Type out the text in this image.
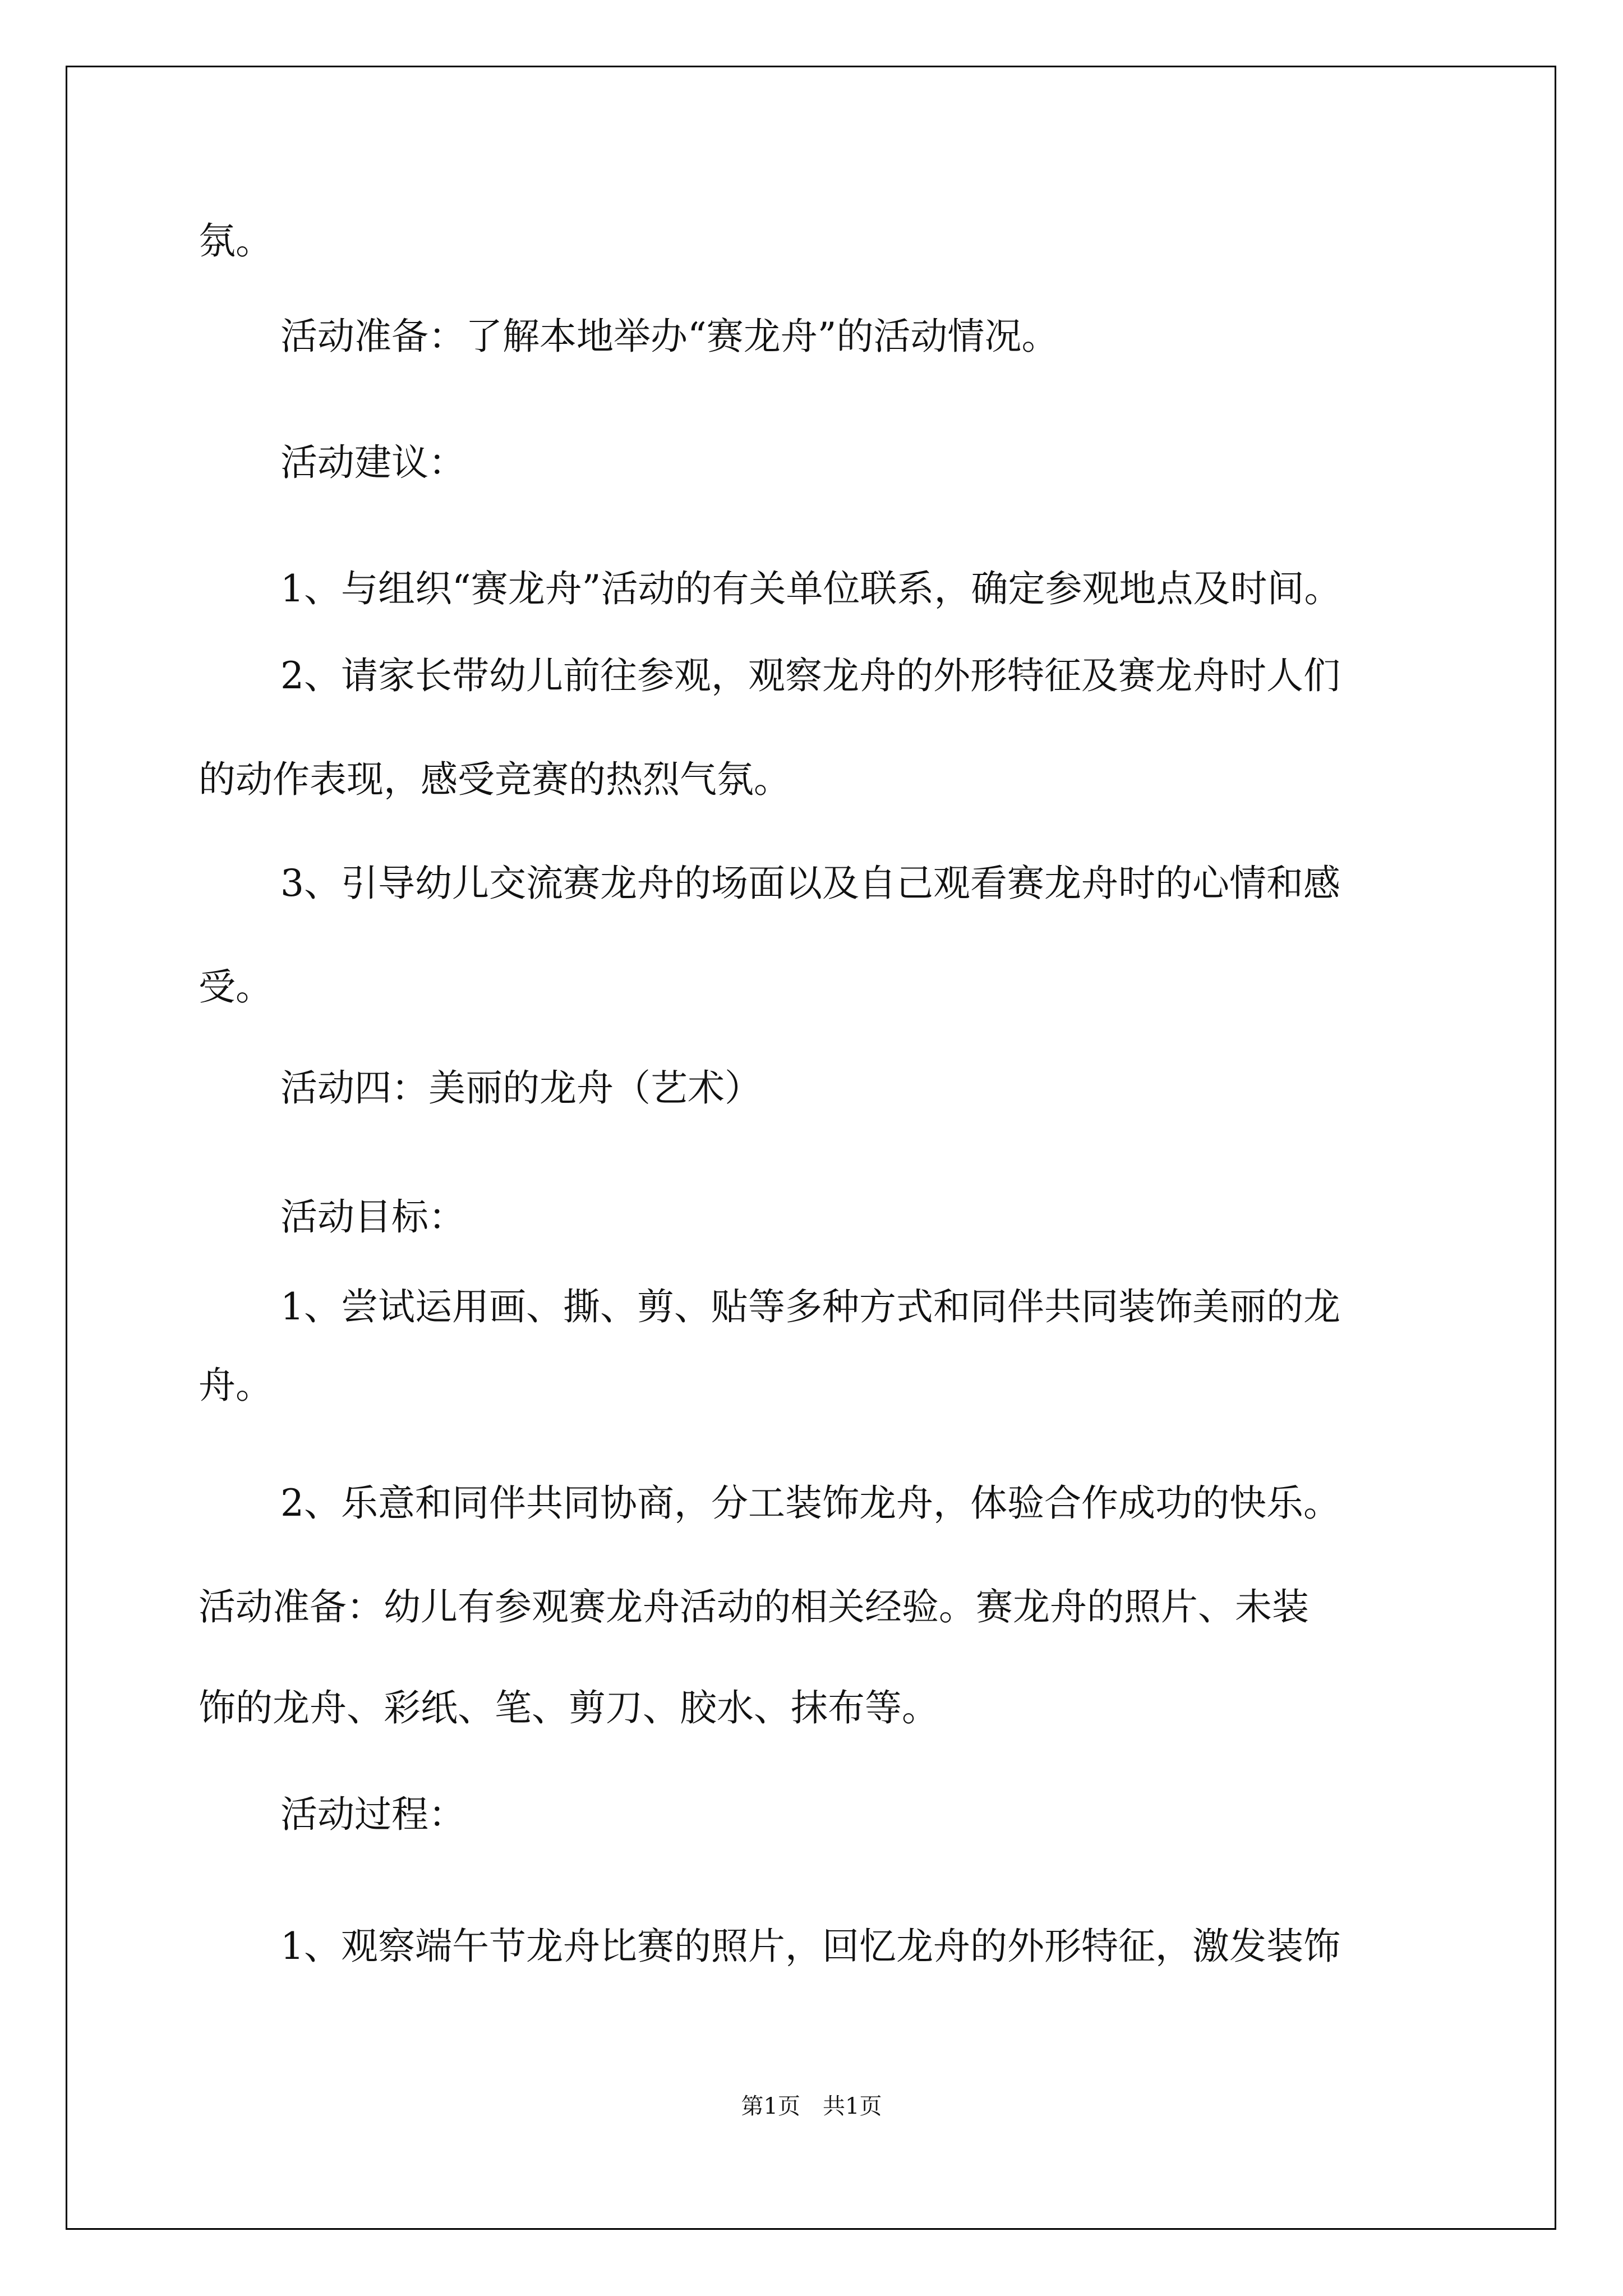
氛。

活动准备：了解本地举办“赛龙舟”的活动情况。

活动建议：

1、与组织“赛龙舟”活动的有关单位联系，确定参观地点及时间。

2、请家长带幼儿前往参观，观察龙舟的外形特征及赛龙舟时人们

的动作表现，感受竞赛的热烈气氛。

3、引导幼儿交流赛龙舟的场面以及自己观看赛龙舟时的心情和感

受。

活动四：美丽的龙舟（艺术）

活动目标：

1、尝试运用画、撕、剪、贴等多种方式和同伴共同装饰美丽的龙

舟。

2、乐意和同伴共同协商，分工装饰龙舟，体验合作成功的快乐。

活动准备：幼儿有参观赛龙舟活动的相关经验。赛龙舟的照片、未装

饰的龙舟、彩纸、笔、剪刀、胶水、抹布等。

活动过程：

1、观察端午节龙舟比赛的照片，回忆龙舟的外形特征，激发装饰

第1页　共1页
